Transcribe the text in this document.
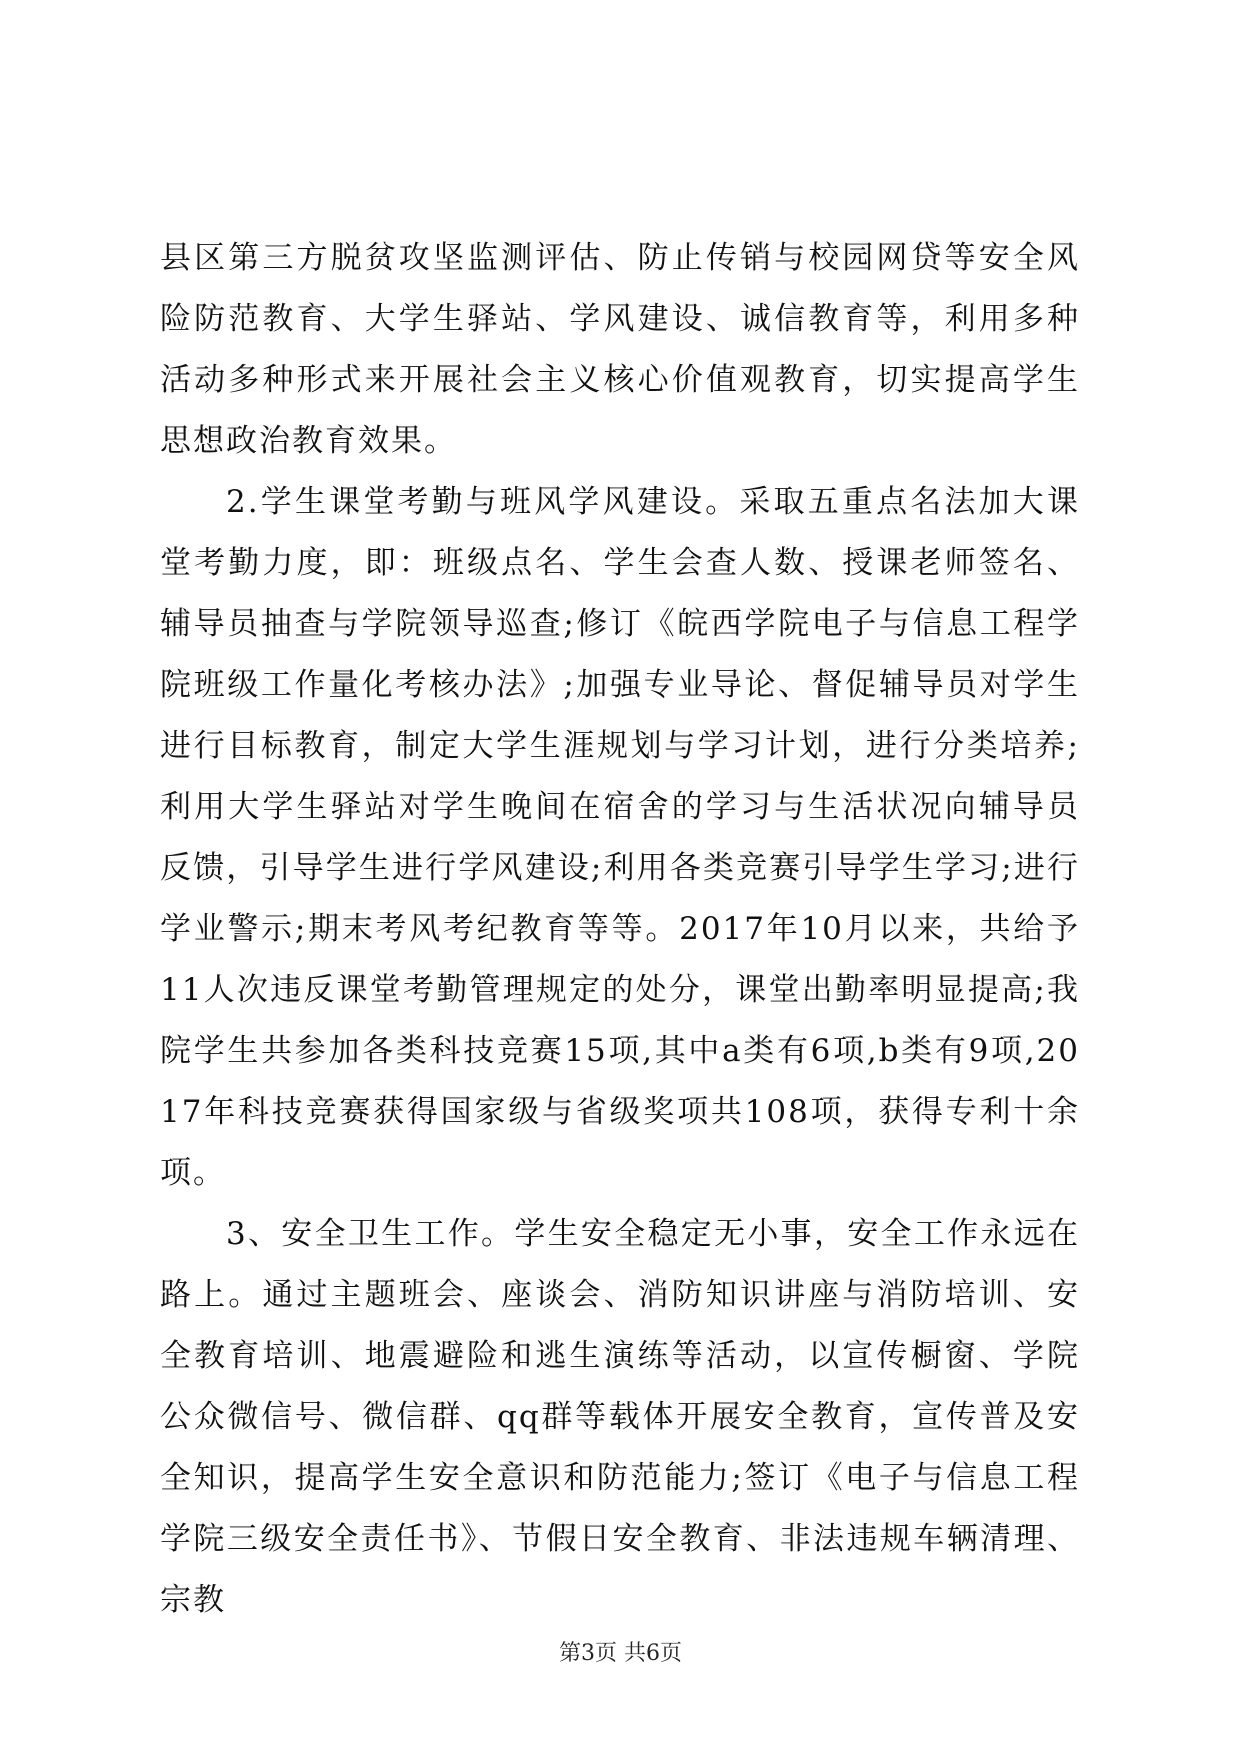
县区第三方脱贫攻坚监测评估、防止传销与校园网贷等安全风险防范教育、大学生驿站、学风建设、诚信教育等，利用多种活动多种形式来开展社会主义核心价值观教育，切实提高学生思想政治教育效果。

2.学生课堂考勤与班风学风建设。采取五重点名法加大课堂考勤力度，即：班级点名、学生会查人数、授课老师签名、辅导员抽查与学院领导巡查;修订《皖西学院电子与信息工程学院班级工作量化考核办法》;加强专业导论、督促辅导员对学生进行目标教育，制定大学生涯规划与学习计划，进行分类培养;利用大学生驿站对学生晚间在宿舍的学习与生活状况向辅导员反馈，引导学生进行学风建设;利用各类竞赛引导学生学习;进行学业警示;期末考风考纪教育等等。2017年10月以来，共给予11人次违反课堂考勤管理规定的处分，课堂出勤率明显提高;我院学生共参加各类科技竞赛15项,其中a类有6项,b类有9项,2017年科技竞赛获得国家级与省级奖项共108项，获得专利十余项。

3、安全卫生工作。学生安全稳定无小事，安全工作永远在路上。通过主题班会、座谈会、消防知识讲座与消防培训、安全教育培训、地震避险和逃生演练等活动，以宣传橱窗、学院公众微信号、微信群、qq群等载体开展安全教育，宣传普及安全知识，提高学生安全意识和防范能力;签订《电子与信息工程学院三级安全责任书》、节假日安全教育、非法违规车辆清理、宗教

第3页 共6页
